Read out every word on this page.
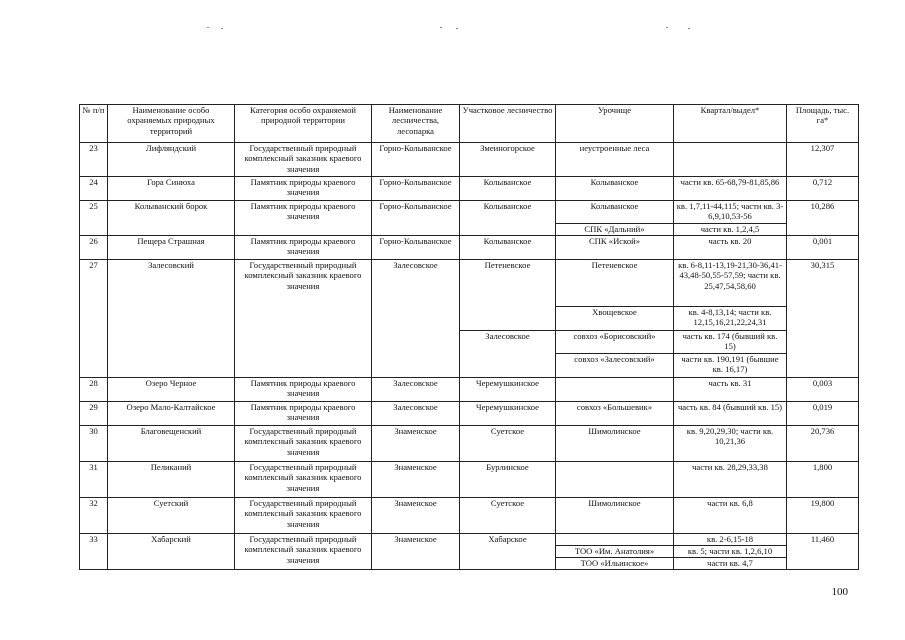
№ п/п	Наименование особо охраняемых природных территорий	Категория особо охраняемой природной территории	Наименование лесничества, лесопарка	Участковое лесничество	Урочище	Квартал/выдел*	Площадь, тыс. га*
23	Лифляндский	Государственный природный комплексный заказник краевого значения	Горно-Колыванское	Змеиногорское	неустроенные леса		12,307
24	Гора Синюха	Памятник природы краевого значения	Горно-Колыванское	Колыванское	Колыванское	части кв. 65-68,79-81,85,86	0,712
25	Колыванский борок	Памятник природы краевого значения	Горно-Колыванское	Колыванское	Колыванское	кв. 1,7,11-44,115; части кв. 3-6,9,10,53-56	10,286
					СПК «Дальний»	части кв. 1,2,4,5	
26	Пещера Страшная	Памятник природы краевого значения	Горно-Колыванское	Колыванское	СПК «Иской»	часть кв. 20	0,001
27	Залесовский	Государственный природный комплексный заказник краевого значения	Залесовское	Петеневское	Петеневское	кв. 6-8,11-13,19-21,30-36,41-43,48-50,55-57,59; части кв. 25,47,54,58,60	30,315
					Хвощевское	кв. 4-8,13,14; части кв. 12,15,16,21,22,24,31	
				Залесовское	совхоз «Борисовский»	часть кв. 174 (бывший кв. 15)	
					совхоз «Залесовский»	части кв. 190,191 (бывшие кв. 16,17)	
28	Озеро Черное	Памятник природы краевого значения	Залесовское	Черемушкинское		часть кв. 31	0,003
29	Озеро Мало-Калтайское	Памятник природы краевого значения	Залесовское	Черемушкинское	совхоз «Большевик»	часть кв. 84 (бывший кв. 15)	0,019
30	Благовещенский	Государственный природный комплексный заказник краевого значения	Знаменское	Суетское	Шимолинское	кв. 9,20,29,30; части кв. 10,21,36	20,736
31	Пеликаний	Государственный природный комплексный заказник краевого значения	Знаменское	Бурлинское		части кв. 28,29,33,38	1,800
32	Суетский	Государственный природный комплексный заказник краевого значения	Знаменское	Суетское	Шимолинское	части кв. 6,8	19,800
33	Хабарский	Государственный природный комплексный заказник краевого значения	Знаменское	Хабарское		кв. 2-6,15-18	11,460
					ТОО «Им. Анатолия»	кв. 5; части кв. 1,2,6,10	
					ТОО «Ильинское»	части кв. 4,7	
100
